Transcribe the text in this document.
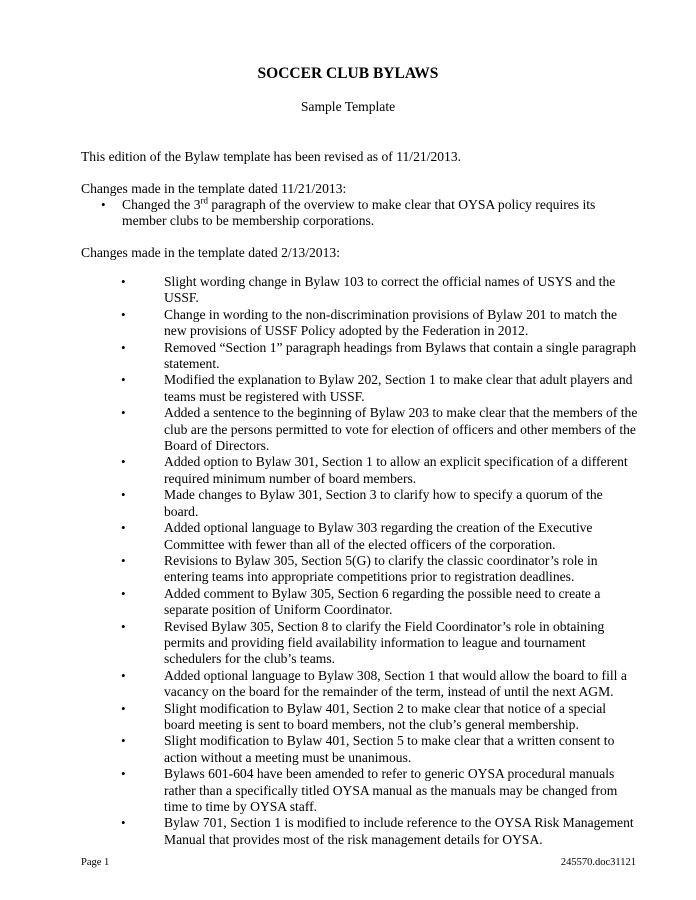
SOCCER CLUB BYLAWS
Sample Template
This edition of the Bylaw template has been revised as of 11/21/2013.
Changes made in the template dated 11/21/2013:
• Changed the 3rd paragraph of the overview to make clear that OYSA policy requires its member clubs to be membership corporations.
Changes made in the template dated 2/13/2013:
•	Slight wording change in Bylaw 103 to correct the official names of USYS and the USSF.
•	Change in wording to the non-discrimination provisions of Bylaw 201 to match the new provisions of USSF Policy adopted by the Federation in 2012.
•	Removed “Section 1” paragraph headings from Bylaws that contain a single paragraph statement.
•	Modified the explanation to Bylaw 202, Section 1 to make clear that adult players and teams must be registered with USSF.
•	Added a sentence to the beginning of Bylaw 203 to make clear that the members of the club are the persons permitted to vote for election of officers and other members of the Board of Directors.
•	Added option to Bylaw 301, Section 1 to allow an explicit specification of a different required minimum number of board members.
•	Made changes to Bylaw 301, Section 3 to clarify how to specify a quorum of the board.
•	Added optional language to Bylaw 303 regarding the creation of the Executive Committee with fewer than all of the elected officers of the corporation.
•	Revisions to Bylaw 305, Section 5(G) to clarify the classic coordinator’s role in entering teams into appropriate competitions prior to registration deadlines.
•	Added comment to Bylaw 305, Section 6 regarding the possible need to create a separate position of Uniform Coordinator.
•	Revised Bylaw 305, Section 8 to clarify the Field Coordinator’s role in obtaining permits and providing field availability information to league and tournament schedulers for the club’s teams.
•	Added optional language to Bylaw 308, Section 1 that would allow the board to fill a vacancy on the board for the remainder of the term, instead of until the next AGM.
•	Slight modification to Bylaw 401, Section 2 to make clear that notice of a special board meeting is sent to board members, not the club’s general membership.
•	Slight modification to Bylaw 401, Section 5 to make clear that a written consent to action without a meeting must be unanimous.
•	Bylaws 601-604 have been amended to refer to generic OYSA procedural manuals rather than a specifically titled OYSA manual as the manuals may be changed from time to time by OYSA staff.
•	Bylaw 701, Section 1 is modified to include reference to the OYSA Risk Management Manual that provides most of the risk management details for OYSA.
Page 1	245570.doc31121
